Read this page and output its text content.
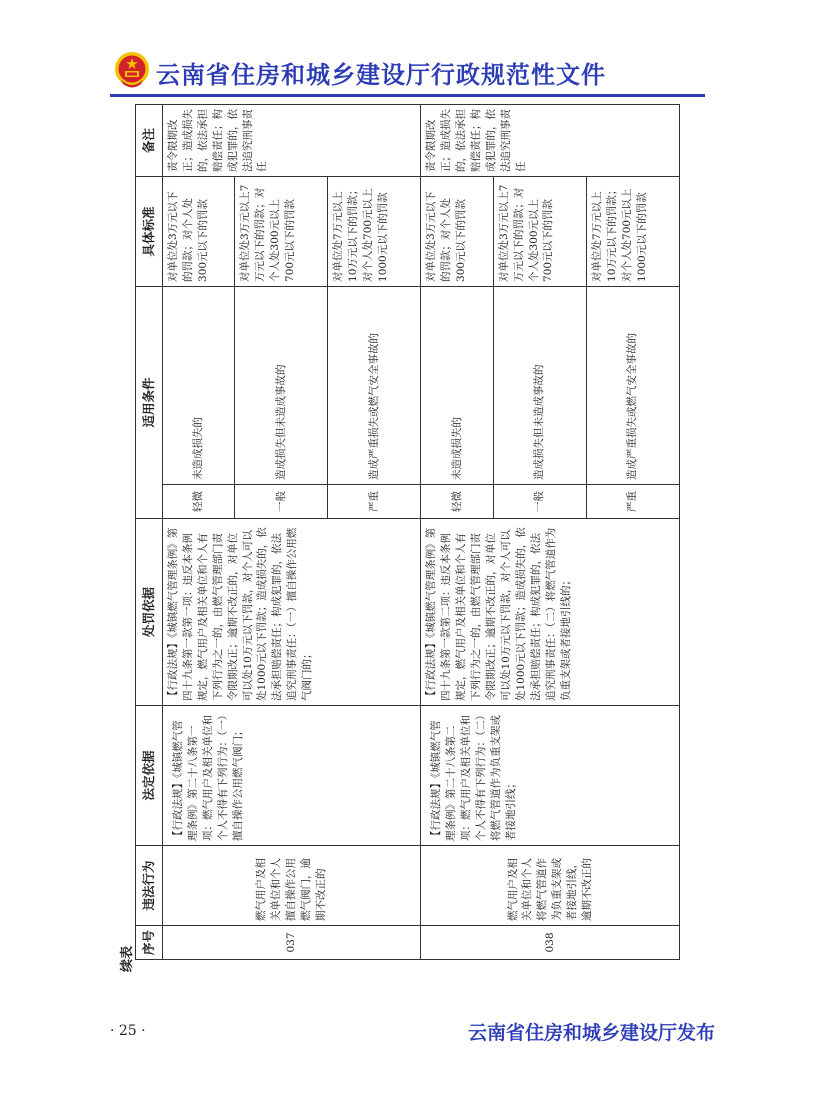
云南省住房和城乡建设厅行政规范性文件
续表
序号	违法行为	法定依据	处罚依据	适用条件		具体标准	备注
037	燃气用户及相关单位和个人擅自操作公用燃气阀门，逾期不改正的	【行政法规】《城镇燃气管理条例》第二十八条第一项：燃气用户及相关单位和个人不得有下列行为：（一）擅自操作公用燃气阀门；	【行政法规】《城镇燃气管理条例》第四十九条第一款第一项：违反本条例规定，燃气用户及相关单位和个人有下列行为之一的，由燃气管理部门责令限期改正；逾期不改正的，对单位可以处10万元以下罚款，对个人可以处1000元以下罚款；造成损失的，依法承担赔偿责任；构成犯罪的，依法追究刑事责任：（一）擅自操作公用燃气阀门的；	轻微	未造成损失的	对单位处3万元以下的罚款；对个人处300元以下的罚款	责令限期改正；造成损失的，依法承担赔偿责任；构成犯罪的，依法追究刑事责任
				一般	造成损失但未造成事故的	对单位处3万元以上7万元以下的罚款；对个人处300元以上700元以下的罚款	
				严重	造成严重损失或燃气安全事故的	对单位处7万元以上10万元以下的罚款；对个人处700元以上1000元以下的罚款	
038	燃气用户及相关单位和个人将燃气管道作为负重支架或者接地引线，逾期不改正的	【行政法规】《城镇燃气管理条例》第二十八条第二项：燃气用户及相关单位和个人不得有下列行为：（二）将燃气管道作为负重支架或者接地引线；	【行政法规】《城镇燃气管理条例》第四十九条第一款第二项：违反本条例规定，燃气用户及相关单位和个人有下列行为之一的，由燃气管理部门责令限期改正；逾期不改正的，对单位可以处10万元以下罚款，对个人可以处1000元以下罚款；造成损失的，依法承担赔偿责任；构成犯罪的，依法追究刑事责任：（二）将燃气管道作为负重支架或者接地引线的；	轻微	未造成损失的	对单位处3万元以下的罚款；对个人处300元以下的罚款	责令限期改正；造成损失的，依法承担赔偿责任；构成犯罪的，依法追究刑事责任
				一般	造成损失但未造成事故的	对单位处3万元以上7万元以下的罚款；对个人处300元以上700元以下的罚款	
				严重	造成严重损失或燃气安全事故的	对单位处7万元以上10万元以下的罚款；对个人处700元以上1000元以下的罚款	
· 25 ·	云南省住房和城乡建设厅发布
